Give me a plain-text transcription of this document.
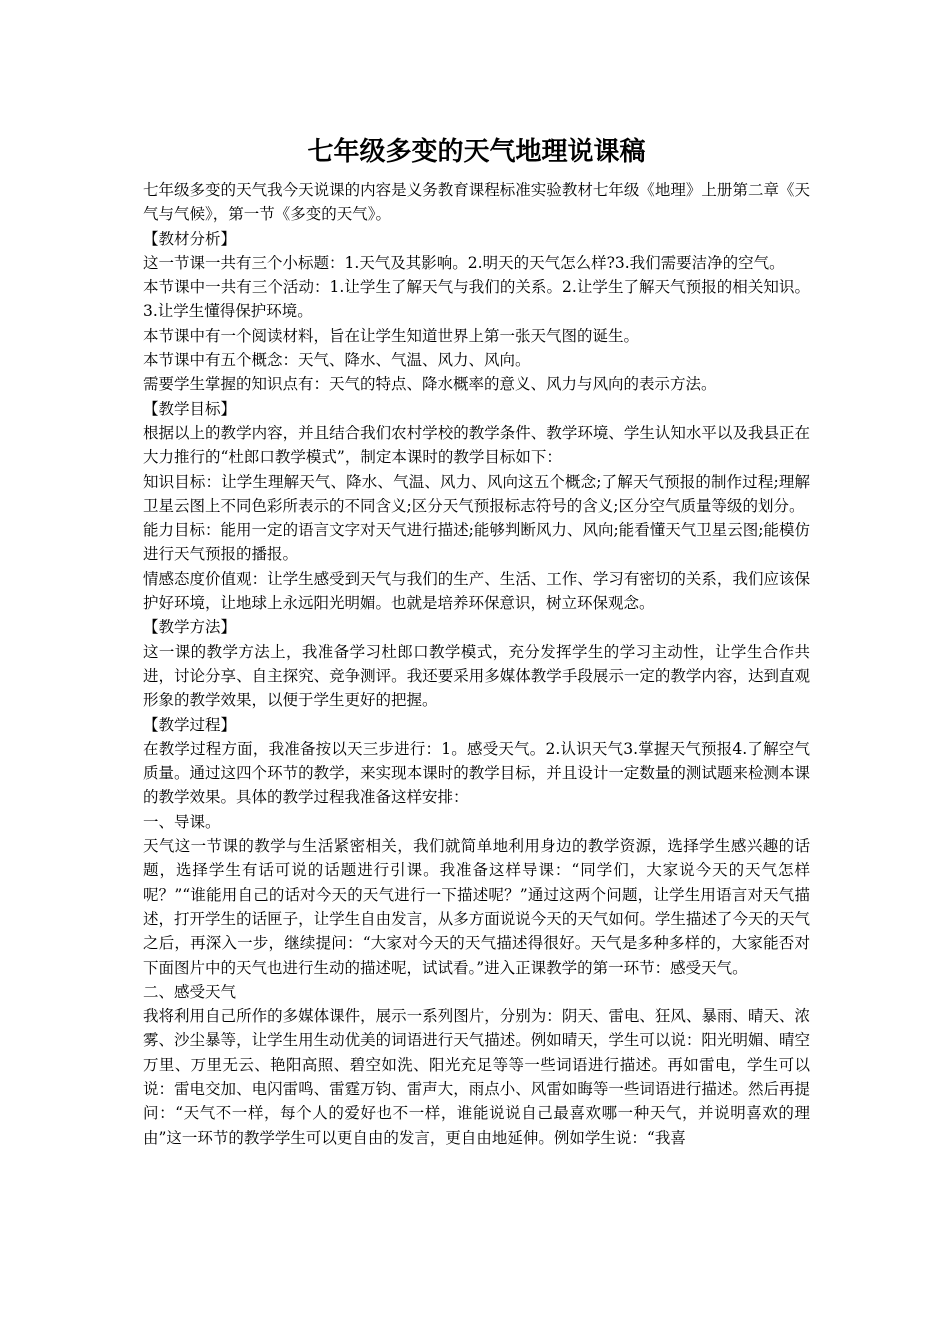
七年级多变的天气地理说课稿

七年级多变的天气我今天说课的内容是义务教育课程标准实验教材七年级《地理》上册第二章《天气与气候》，第一节《多变的天气》。

【教材分析】

这一节课一共有三个小标题：1.天气及其影响。2.明天的天气怎么样?3.我们需要洁净的空气。

本节课中一共有三个活动：1.让学生了解天气与我们的关系。2.让学生了解天气预报的相关知识。3.让学生懂得保护环境。

本节课中有一个阅读材料，旨在让学生知道世界上第一张天气图的诞生。

本节课中有五个概念：天气、降水、气温、风力、风向。

需要学生掌握的知识点有：天气的特点、降水概率的意义、风力与风向的表示方法。

【教学目标】

根据以上的教学内容，并且结合我们农村学校的教学条件、教学环境、学生认知水平以及我县正在大力推行的“杜郎口教学模式”，制定本课时的教学目标如下：

知识目标：让学生理解天气、降水、气温、风力、风向这五个概念;了解天气预报的制作过程;理解卫星云图上不同色彩所表示的不同含义;区分天气预报标志符号的含义;区分空气质量等级的划分。

能力目标：能用一定的语言文字对天气进行描述;能够判断风力、风向;能看懂天气卫星云图;能模仿进行天气预报的播报。

情感态度价值观：让学生感受到天气与我们的生产、生活、工作、学习有密切的关系，我们应该保护好环境，让地球上永远阳光明媚。也就是培养环保意识，树立环保观念。

【教学方法】

这一课的教学方法上，我准备学习杜郎口教学模式，充分发挥学生的学习主动性，让学生合作共进，讨论分享、自主探究、竞争测评。我还要采用多媒体教学手段展示一定的教学内容，达到直观形象的教学效果，以便于学生更好的把握。

【教学过程】

在教学过程方面，我准备按以天三步进行：1。感受天气。2.认识天气3.掌握天气预报4.了解空气质量。通过这四个环节的教学，来实现本课时的教学目标，并且设计一定数量的测试题来检测本课的教学效果。具体的教学过程我准备这样安排：

一、导课。

天气这一节课的教学与生活紧密相关，我们就简单地利用身边的教学资源，选择学生感兴趣的话题，选择学生有话可说的话题进行引课。我准备这样导课：“同学们，大家说今天的天气怎样呢？”“谁能用自己的话对今天的天气进行一下描述呢？”通过这两个问题，让学生用语言对天气描述，打开学生的话匣子，让学生自由发言，从多方面说说今天的天气如何。学生描述了今天的天气之后，再深入一步，继续提问：“大家对今天的天气描述得很好。天气是多种多样的，大家能否对下面图片中的天气也进行生动的描述呢，试试看。”进入正课教学的第一环节：感受天气。

二、感受天气

我将利用自己所作的多媒体课件，展示一系列图片，分别为：阴天、雷电、狂风、暴雨、晴天、浓雾、沙尘暴等，让学生用生动优美的词语进行天气描述。例如晴天，学生可以说：阳光明媚、晴空万里、万里无云、艳阳高照、碧空如洗、阳光充足等等一些词语进行描述。再如雷电，学生可以说：雷电交加、电闪雷鸣、雷霆万钧、雷声大，雨点小、风雷如晦等一些词语进行描述。然后再提问：“天气不一样，每个人的爱好也不一样，谁能说说自己最喜欢哪一种天气，并说明喜欢的理由”这一环节的教学学生可以更自由的发言，更自由地延伸。例如学生说：“我喜
